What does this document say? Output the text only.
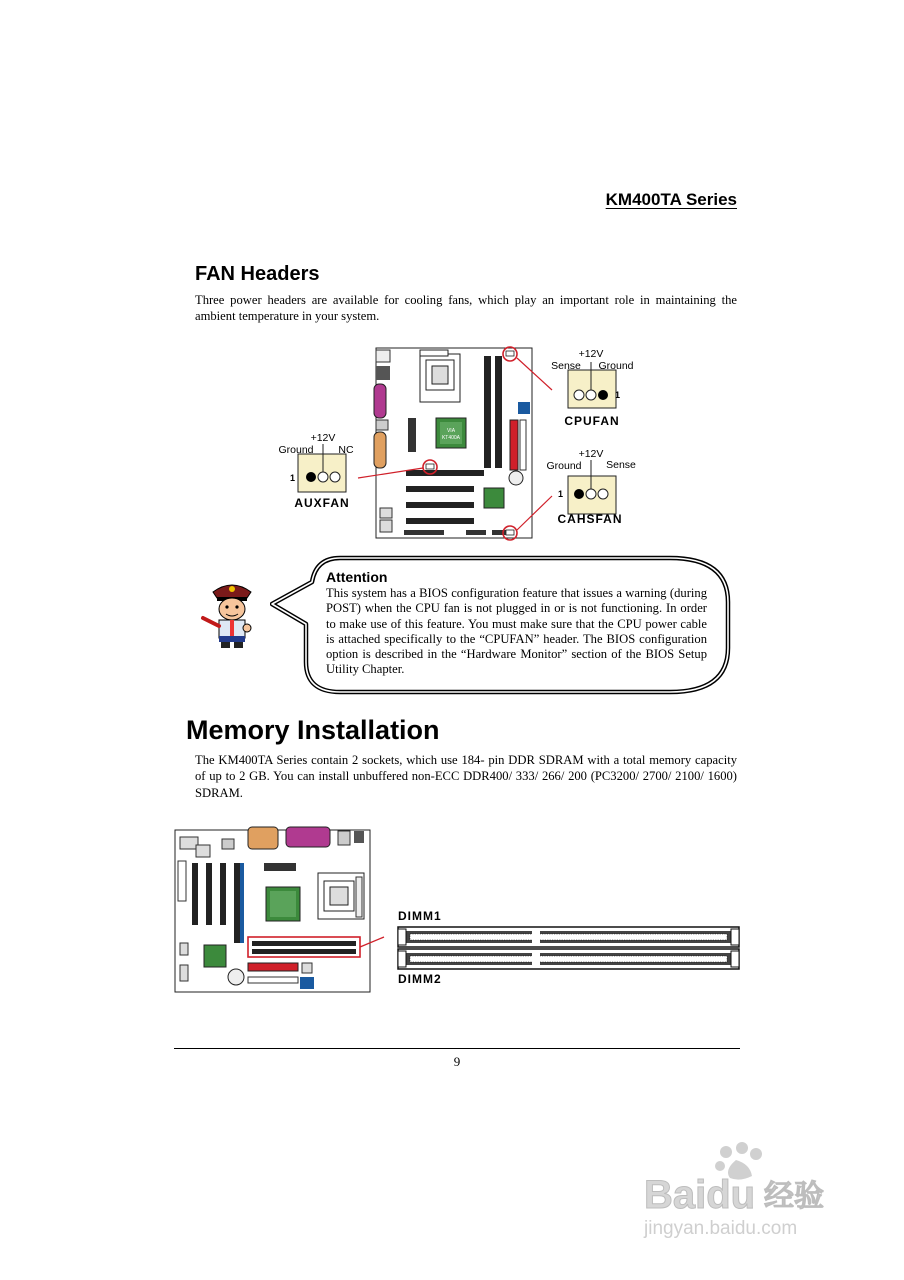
KM400TA Series
FAN Headers

Three power headers are available for cooling fans, which play an important role in maintaining the ambient temperature in your system.

VIA
KT400A
+12V
Sense Ground
1
CPUFAN
+12V
Ground NC
1
AUXFAN
+12V
Ground Sense
1
CAHSFAN
Attention

This system has a BIOS configuration feature that issues a warning (during POST) when the CPU fan is not plugged in or is not functioning. In order to make use of this feature. You must make sure that the CPU power cable is attached specifically to the “CPUFAN” header. The BIOS configuration option is described in the “Hardware Monitor” section of the BIOS Setup Utility Chapter.

Memory Installation

The KM400TA Series contain 2 sockets, which use 184- pin DDR SDRAM with a total memory capacity of up to 2 GB. You can install unbuffered non-ECC DDR400/ 333/ 266/ 200 (PC3200/ 2700/ 2100/ 1600) SDRAM.

DIMM1
DIMM2
9
Baidu 经验
jingyan.baidu.com
